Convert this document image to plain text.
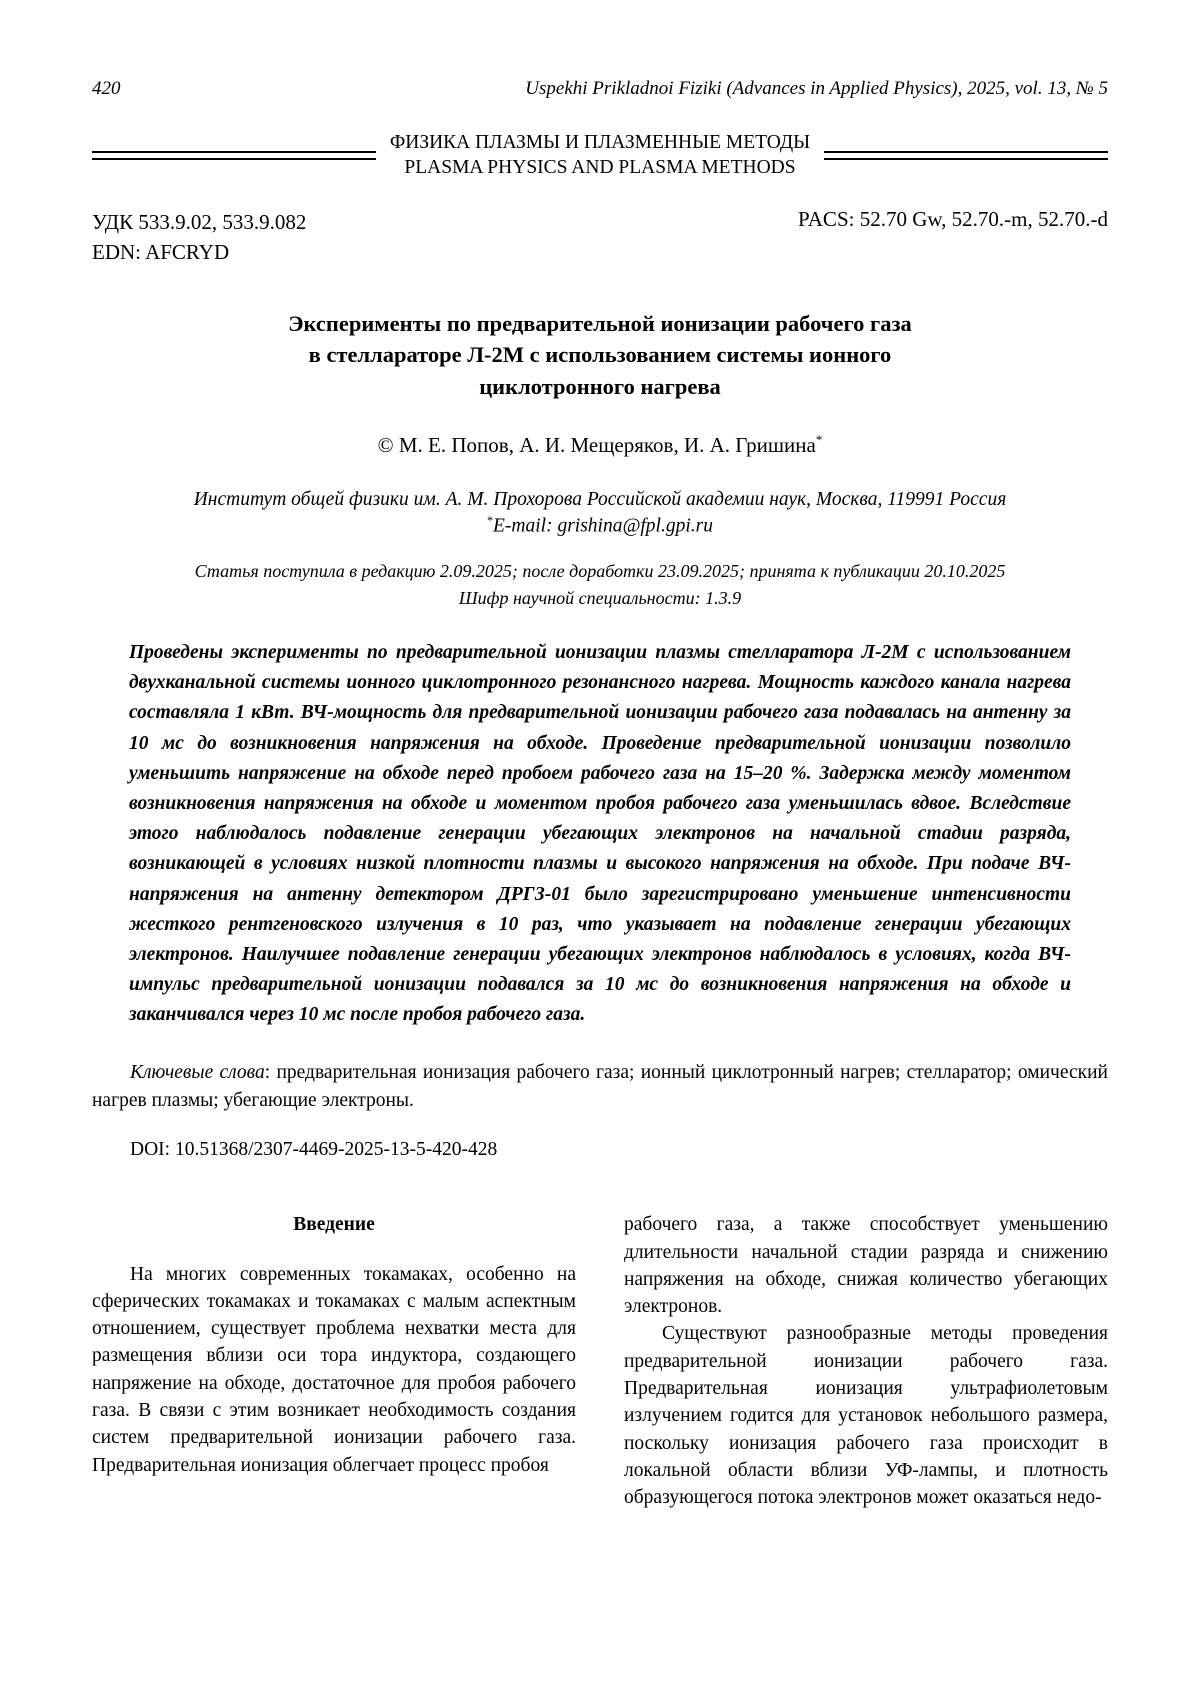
420	Uspekhi Prikladnoi Fiziki (Advances in Applied Physics), 2025, vol. 13, № 5
ФИЗИКА ПЛАЗМЫ И ПЛАЗМЕННЫЕ МЕТОДЫ
PLASMA PHYSICS AND PLASMA METHODS
УДК 533.9.02, 533.9.082
EDN: AFCRYD
PACS: 52.70 Gw, 52.70.-m, 52.70.-d
Эксперименты по предварительной ионизации рабочего газа
в стеллараторе Л-2М с использованием системы ионного
циклотронного нагрева
© М. Е. Попов, А. И. Мещеряков, И. А. Гришина*
Институт общей физики им. А. М. Прохорова Российской академии наук, Москва, 119991 Россия
*E-mail: grishina@fpl.gpi.ru
Статья поступила в редакцию 2.09.2025; после доработки 23.09.2025; принята к публикации 20.10.2025
Шифр научной специальности: 1.3.9
Проведены эксперименты по предварительной ионизации плазмы стелларатора Л-2М с использованием двухканальной системы ионного циклотронного резонансного нагрева. Мощность каждого канала нагрева составляла 1 кВт. ВЧ-мощность для предварительной ионизации рабочего газа подавалась на антенну за 10 мс до возникновения напряжения на обходе. Проведение предварительной ионизации позволило уменьшить напряжение на обходе перед пробоем рабочего газа на 15–20 %. Задержка между моментом возникновения напряжения на обходе и моментом пробоя рабочего газа уменьшилась вдвое. Вследствие этого наблюдалось подавление генерации убегающих электронов на начальной стадии разряда, возникающей в условиях низкой плотности плазмы и высокого напряжения на обходе. При подаче ВЧ-напряжения на антенну детектором ДРГЗ-01 было зарегистрировано уменьшение интенсивности жесткого рентгеновского излучения в 10 раз, что указывает на подавление генерации убегающих электронов. Наилучшее подавление генерации убегающих электронов наблюдалось в условиях, когда ВЧ-импульс предварительной ионизации подавался за 10 мс до возникновения напряжения на обходе и заканчивался через 10 мс после пробоя рабочего газа.
Ключевые слова: предварительная ионизация рабочего газа; ионный циклотронный нагрев; стелларатор; омический нагрев плазмы; убегающие электроны.
DOI: 10.51368/2307-4469-2025-13-5-420-428
Введение

На многих современных токамаках, особенно на сферических токамаках и токамаках с малым аспектным отношением, существует проблема нехватки места для размещения вблизи оси тора индуктора, создающего напряжение на обходе, достаточное для пробоя рабочего газа. В связи с этим возникает необходимость создания систем предварительной ионизации рабочего газа. Предварительная ионизация облегчает процесс пробоя

рабочего газа, а также способствует уменьшению длительности начальной стадии разряда и снижению напряжения на обходе, снижая количество убегающих электронов.

Существуют разнообразные методы проведения предварительной ионизации рабочего газа. Предварительная ионизация ультрафиолетовым излучением годится для установок небольшого размера, поскольку ионизация рабочего газа происходит в локальной области вблизи УФ-лампы, и плотность образующегося потока электронов может оказаться недо-
